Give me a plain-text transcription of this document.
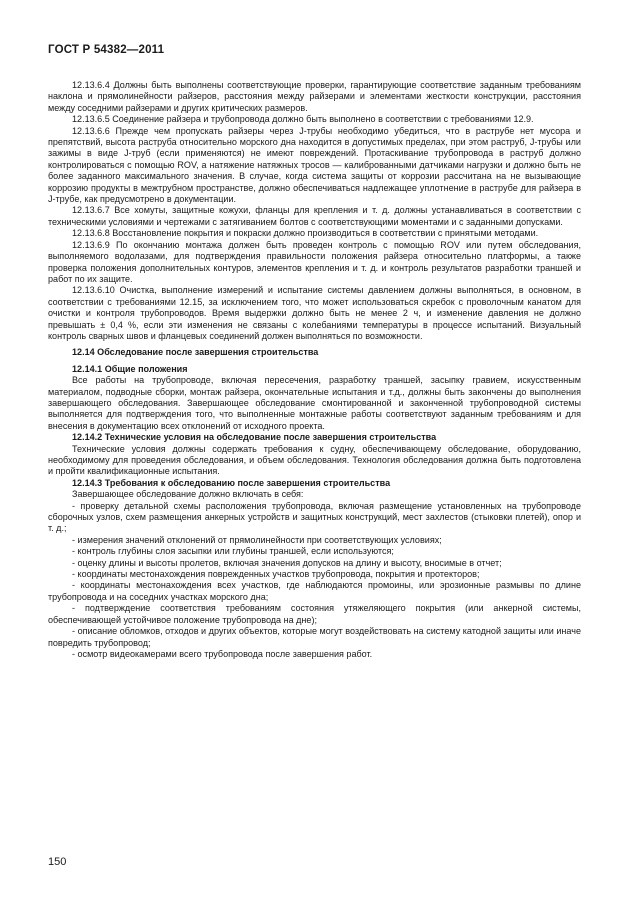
ГОСТ Р 54382—2011

12.13.6.4 Должны быть выполнены соответствующие проверки, гарантирующие соответствие заданным требованиям наклона и прямолинейности райзеров, расстояния между райзерами и элементами жесткости конструкции, расстояния между соседними райзерами и других критических размеров.

12.13.6.5 Соединение райзера и трубопровода должно быть выполнено в соответствии с требованиями 12.9.

12.13.6.6 Прежде чем пропускать райзеры через J-трубы необходимо убедиться, что в раструбе нет мусора и препятствий, высота раструба относительно морского дна находится в допустимых пределах, при этом раструб, J-трубы или зажимы в виде J-труб (если применяются) не имеют повреждений. Протаскивание трубопровода в раструб должно контролироваться с помощью ROV, а натяжение натяжных тросов — калиброванными датчиками нагрузки и должно быть не более заданного максимального значения. В случае, когда система защиты от коррозии рассчитана на не вызывающие коррозию продукты в межтрубном пространстве, должно обеспечиваться надлежащее уплотнение в раструбе для райзера в J-трубе, как предусмотрено в документации.

12.13.6.7 Все хомуты, защитные кожухи, фланцы для крепления и т. д. должны устанавливаться в соответствии с техническими условиями и чертежами с затягиванием болтов с соответствующими моментами и с заданными допусками.

12.13.6.8 Восстановление покрытия и покраски должно производиться в соответствии с принятыми методами.

12.13.6.9 По окончанию монтажа должен быть проведен контроль с помощью ROV или путем обследования, выполняемого водолазами, для подтверждения правильности положения райзера относительно платформы, а также проверка положения дополнительных контуров, элементов крепления и т. д. и контроль результатов разработки траншей и работ по их защите.

12.13.6.10 Очистка, выполнение измерений и испытание системы давлением должны выполняться, в основном, в соответствии с требованиями 12.15, за исключением того, что может использоваться скребок с проволочным канатом для очистки и контроля трубопроводов. Время выдержки должно быть не менее 2 ч, и изменение давления не должно превышать ± 0,4 %, если эти изменения не связаны с колебаниями температуры в процессе испытаний. Визуальный контроль сварных швов и фланцевых соединений должен выполняться по возможности.

12.14 Обследование после завершения строительства

12.14.1 Общие положения

Все работы на трубопроводе, включая пересечения, разработку траншей, засыпку гравием, искусственным материалом, подводные сборки, монтаж райзера, окончательные испытания и т.д., должны быть закончены до выполнения завершающего обследования. Завершающее обследование смонтированной и законченной трубопроводной системы выполняется для подтверждения того, что выполненные монтажные работы соответствуют заданным требованиям и для внесения в документацию всех отклонений от исходного проекта.

12.14.2 Технические условия на обследование после завершения строительства

Технические условия должны содержать требования к судну, обеспечивающему обследование, оборудованию, необходимому для проведения обследования, и объем обследования. Технология обследования должна быть подготовлена и пройти квалификационные испытания.

12.14.3 Требования к обследованию после завершения строительства

Завершающее обследование должно включать в себя:

- проверку детальной схемы расположения трубопровода, включая размещение установленных на трубопроводе сборочных узлов, схем размещения анкерных устройств и защитных конструкций, мест захлестов (стыковки плетей), опор и т. д.;

- измерения значений отклонений от прямолинейности при соответствующих условиях;

- контроль глубины слоя засыпки или глубины траншей, если используются;

- оценку длины и высоты пролетов, включая значения допусков на длину и высоту, вносимые в отчет;

- координаты местонахождения поврежденных участков трубопровода, покрытия и протекторов;

- координаты местонахождения всех участков, где наблюдаются промоины, или эрозионные размывы по длине трубопровода и на соседних участках морского дна;

- подтверждение соответствия требованиям состояния утяжеляющего покрытия (или анкерной системы, обеспечивающей устойчивое положение трубопровода на дне);

- описание обломков, отходов и других объектов, которые могут воздействовать на систему катодной защиты или иначе повредить трубопровод;

- осмотр видеокамерами всего трубопровода после завершения работ.

150
